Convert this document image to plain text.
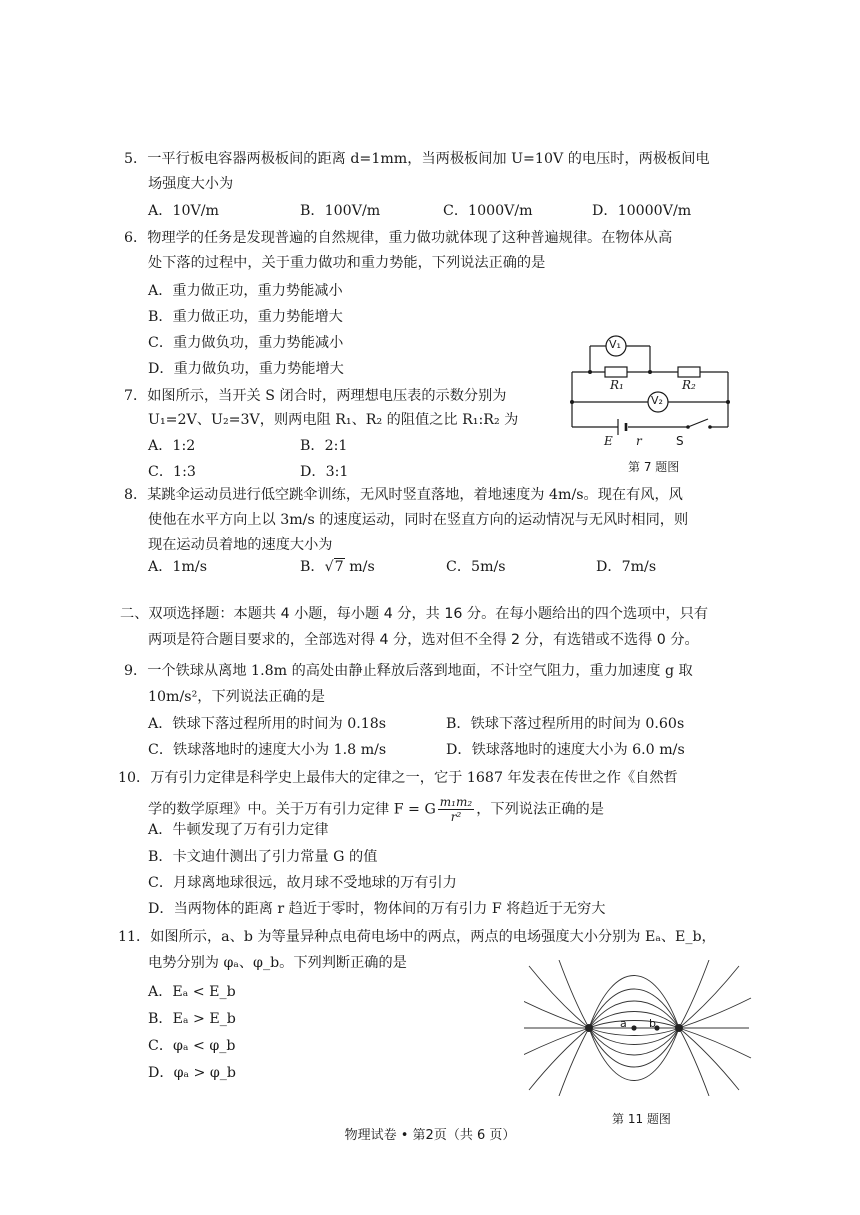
5．一平行板电容器两极板间的距离 d=1mm，当两极板间加 U=10V 的电压时，两极板间电
场强度大小为
A．10V/m	B．100V/m	C．1000V/m	D．10000V/m
6．物理学的任务是发现普遍的自然规律，重力做功就体现了这种普遍规律。在物体从高
处下落的过程中，关于重力做功和重力势能，下列说法正确的是
A．重力做正功，重力势能减小
B．重力做正功，重力势能增大
C．重力做负功，重力势能减小
D．重力做负功，重力势能增大
7．如图所示，当开关 S 闭合时，两理想电压表的示数分别为
U₁=2V、U₂=3V，则两电阻 R₁、R₂ 的阻值之比 R₁:R₂ 为
A．1:2	B．2:1
C．1:3	D．3:1
V₁
V₂
R₁	R₂
E r	S
第 7 题图
8．某跳伞运动员进行低空跳伞训练，无风时竖直落地，着地速度为 4m/s。现在有风，风
使他在水平方向上以 3m/s 的速度运动，同时在竖直方向的运动情况与无风时相同，则
现在运动员着地的速度大小为
A．1m/s	B．√7 m/s	C．5m/s	D．7m/s
二、双项选择题：本题共 4 小题，每小题 4 分，共 16 分。在每小题给出的四个选项中，只有
两项是符合题目要求的，全部选对得 4 分，选对但不全得 2 分，有选错或不选得 0 分。
9．一个铁球从离地 1.8m 的高处由静止释放后落到地面，不计空气阻力，重力加速度 g 取
10m/s²，下列说法正确的是
A．铁球下落过程所用的时间为 0.18s	B．铁球下落过程所用的时间为 0.60s
C．铁球落地时的速度大小为 1.8 m/s	D．铁球落地时的速度大小为 6.0 m/s
10．万有引力定律是科学史上最伟大的定律之一，它于 1687 年发表在传世之作《自然哲
学的数学原理》中。关于万有引力定律 F = G $\frac{\text{m₁m₂}}{\text{r²}}$ ，下列说法正确的是
A．牛顿发现了万有引力定律
B．卡文迪什测出了引力常量 G 的值
C．月球离地球很远，故月球不受地球的万有引力
D．当两物体的距离 r 趋近于零时，物体间的万有引力 F 将趋近于无穷大
11．如图所示，a、b 为等量异种点电荷电场中的两点，两点的电场强度大小分别为 Eₐ、E_b，
电势分别为 φₐ、φ_b。下列判断正确的是
A．Eₐ < E_b
B．Eₐ > E_b
C．φₐ < φ_b
D．φₐ > φ_b
a b
第 11 题图
物理试卷 • 第2页（共 6 页）
